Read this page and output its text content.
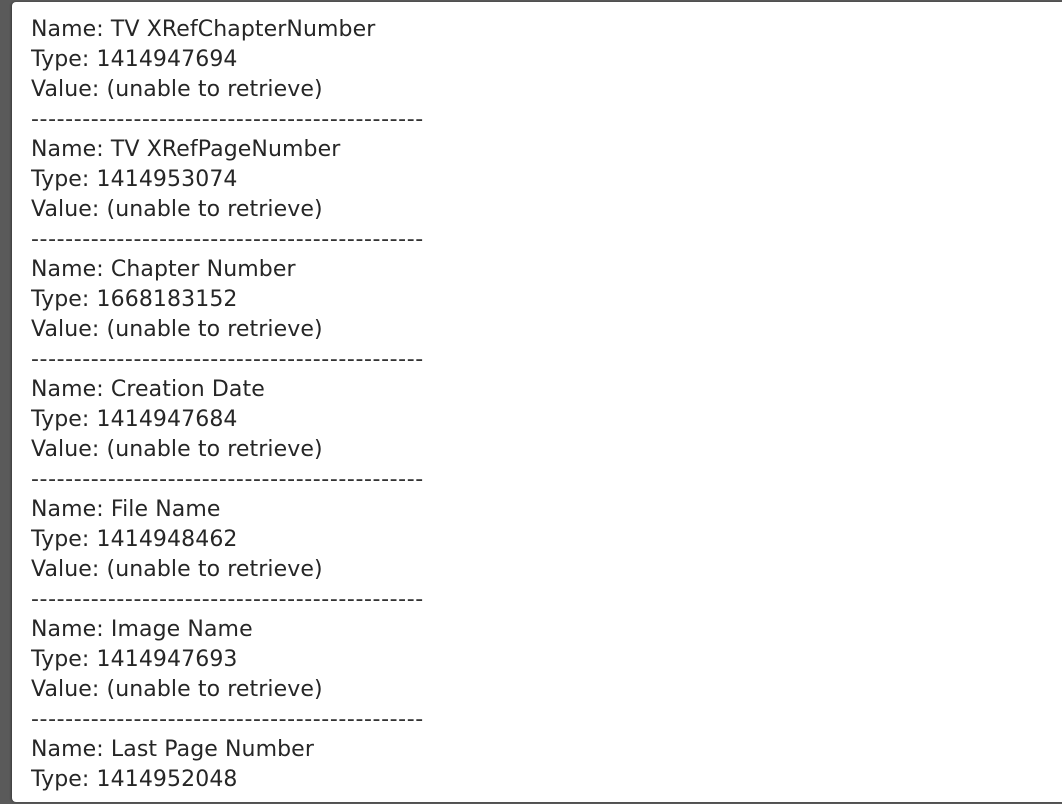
Name: TV XRefChapterNumber
Type: 1414947694
Value: (unable to retrieve)
----------------------------------------------
Name: TV XRefPageNumber
Type: 1414953074
Value: (unable to retrieve)
----------------------------------------------
Name: Chapter Number
Type: 1668183152
Value: (unable to retrieve)
----------------------------------------------
Name: Creation Date
Type: 1414947684
Value: (unable to retrieve)
----------------------------------------------
Name: File Name
Type: 1414948462
Value: (unable to retrieve)
----------------------------------------------
Name: Image Name
Type: 1414947693
Value: (unable to retrieve)
----------------------------------------------
Name: Last Page Number
Type: 1414952048
